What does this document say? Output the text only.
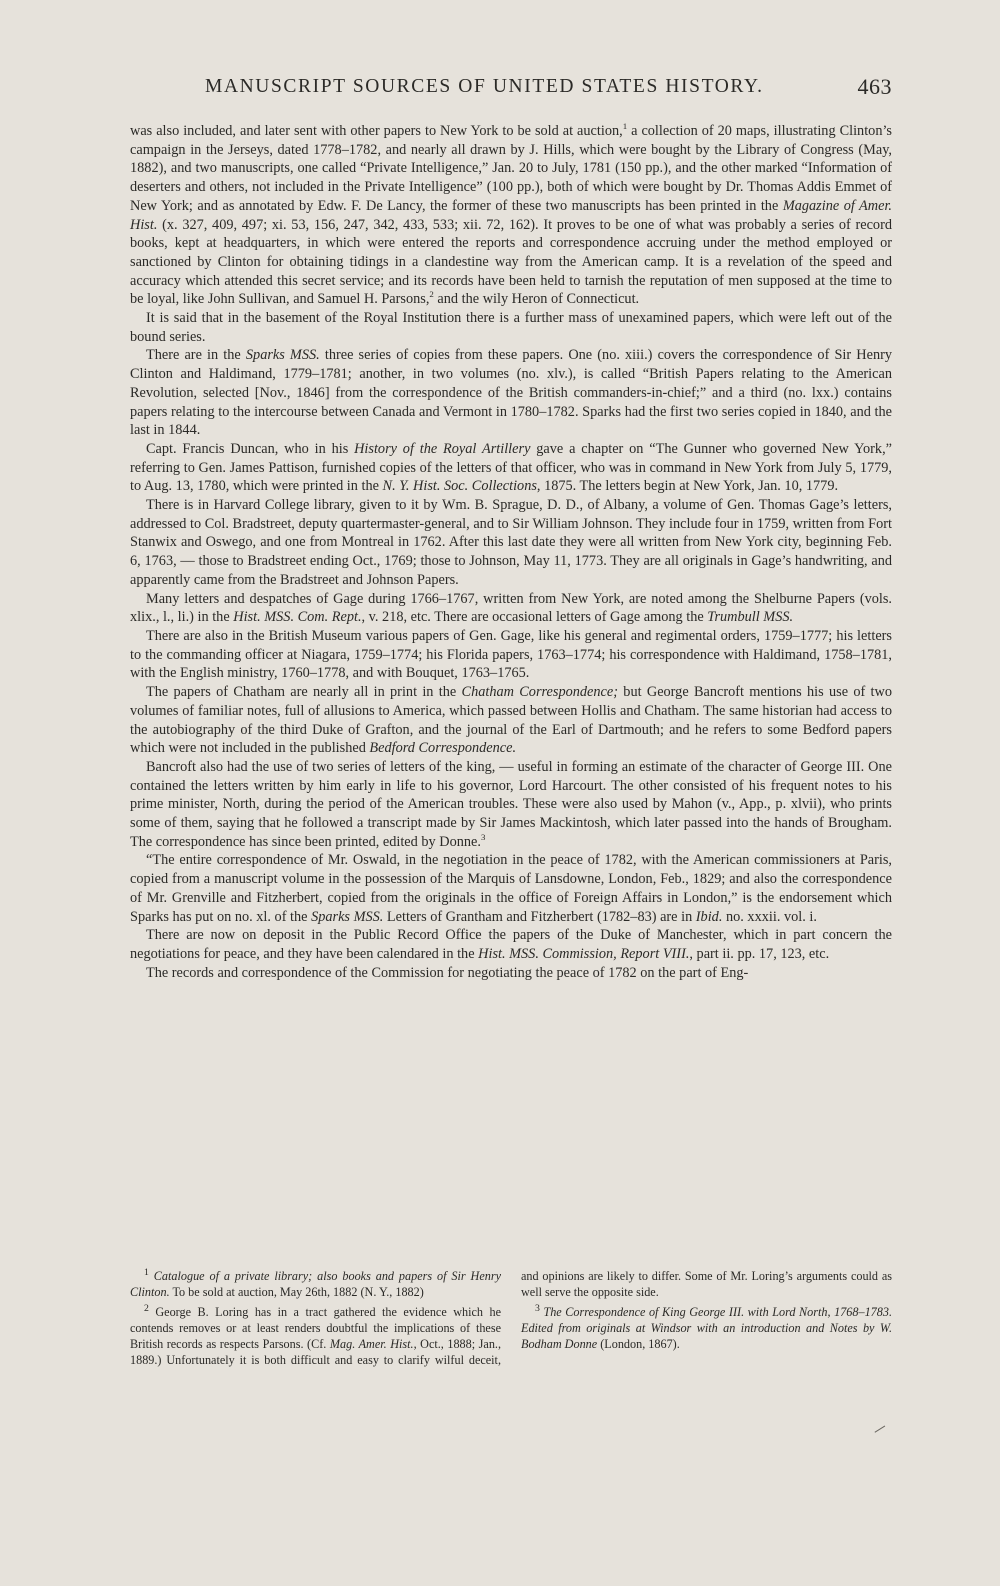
MANUSCRIPT SOURCES OF UNITED STATES HISTORY.	463

was also included, and later sent with other papers to New York to be sold at auction,$^1$ a collection of 20 maps, illustrating Clinton’s campaign in the Jerseys, dated 1778–1782, and nearly all drawn by J. Hills, which were bought by the Library of Congress (May, 1882), and two manuscripts, one called “Private Intelligence,” Jan. 20 to July, 1781 (150 pp.), and the other marked “Information of deserters and others, not included in the Private Intelligence” (100 pp.), both of which were bought by Dr. Thomas Addis Emmet of New York; and as annotated by Edw. F. De Lancy, the former of these two manuscripts has been printed in the Magazine of Amer. Hist. (x. 327, 409, 497; xi. 53, 156, 247, 342, 433, 533; xii. 72, 162). It proves to be one of what was probably a series of record books, kept at headquarters, in which were entered the reports and correspondence accruing under the method employed or sanctioned by Clinton for obtaining tidings in a clandestine way from the American camp. It is a revelation of the speed and accuracy which attended this secret service; and its records have been held to tarnish the reputation of men supposed at the time to be loyal, like John Sullivan, and Samuel H. Parsons,$^2$ and the wily Heron of Connecticut.

It is said that in the basement of the Royal Institution there is a further mass of unexamined papers, which were left out of the bound series.

There are in the Sparks MSS. three series of copies from these papers. One (no. xiii.) covers the correspondence of Sir Henry Clinton and Haldimand, 1779–1781; another, in two volumes (no. xlv.), is called “British Papers relating to the American Revolution, selected [Nov., 1846] from the correspondence of the British commanders-in-chief;” and a third (no. lxx.) contains papers relating to the intercourse between Canada and Vermont in 1780–1782. Sparks had the first two series copied in 1840, and the last in 1844.

Capt. Francis Duncan, who in his History of the Royal Artillery gave a chapter on “The Gunner who governed New York,” referring to Gen. James Pattison, furnished copies of the letters of that officer, who was in command in New York from July 5, 1779, to Aug. 13, 1780, which were printed in the N. Y. Hist. Soc. Collections, 1875. The letters begin at New York, Jan. 10, 1779.

There is in Harvard College library, given to it by Wm. B. Sprague, D. D., of Albany, a volume of Gen. Thomas Gage’s letters, addressed to Col. Bradstreet, deputy quartermaster-general, and to Sir William Johnson. They include four in 1759, written from Fort Stanwix and Oswego, and one from Montreal in 1762. After this last date they were all written from New York city, beginning Feb. 6, 1763, — those to Bradstreet ending Oct., 1769; those to Johnson, May 11, 1773. They are all originals in Gage’s handwriting, and apparently came from the Bradstreet and Johnson Papers.

Many letters and despatches of Gage during 1766–1767, written from New York, are noted among the Shelburne Papers (vols. xlix., l., li.) in the Hist. MSS. Com. Rept., v. 218, etc. There are occasional letters of Gage among the Trumbull MSS.

There are also in the British Museum various papers of Gen. Gage, like his general and regimental orders, 1759–1777; his letters to the commanding officer at Niagara, 1759–1774; his Florida papers, 1763–1774; his correspondence with Haldimand, 1758–1781, with the English ministry, 1760–1778, and with Bouquet, 1763–1765.

The papers of Chatham are nearly all in print in the Chatham Correspondence; but George Bancroft mentions his use of two volumes of familiar notes, full of allusions to America, which passed between Hollis and Chatham. The same historian had access to the autobiography of the third Duke of Grafton, and the journal of the Earl of Dartmouth; and he refers to some Bedford papers which were not included in the published Bedford Correspondence.

Bancroft also had the use of two series of letters of the king, — useful in forming an estimate of the character of George III. One contained the letters written by him early in life to his governor, Lord Harcourt. The other consisted of his frequent notes to his prime minister, North, during the period of the American troubles. These were also used by Mahon (v., App., p. xlvii), who prints some of them, saying that he followed a transcript made by Sir James Mackintosh, which later passed into the hands of Brougham. The correspondence has since been printed, edited by Donne.$^3$

“The entire correspondence of Mr. Oswald, in the negotiation in the peace of 1782, with the American commissioners at Paris, copied from a manuscript volume in the possession of the Marquis of Lansdowne, London, Feb., 1829; and also the correspondence of Mr. Grenville and Fitzherbert, copied from the originals in the office of Foreign Affairs in London,” is the endorsement which Sparks has put on no. xl. of the Sparks MSS. Letters of Grantham and Fitzherbert (1782–83) are in Ibid. no. xxxii. vol. i.

There are now on deposit in the Public Record Office the papers of the Duke of Manchester, which in part concern the negotiations for peace, and they have been calendared in the Hist. MSS. Commission, Report VIII., part ii. pp. 17, 123, etc.

The records and correspondence of the Commission for negotiating the peace of 1782 on the part of Eng-

$^1$ Catalogue of a private library; also books and papers of Sir Henry Clinton. To be sold at auction, May 26th, 1882 (N. Y., 1882)

$^2$ George B. Loring has in a tract gathered the evidence which he contends removes or at least renders doubtful the implications of these British records as respects Parsons. (Cf. Mag. Amer. Hist., Oct., 1888; Jan., 1889.) Unfortunately it is both difficult and easy to clarify wilful deceit, and opinions are likely to differ. Some of Mr. Loring’s arguments could as well serve the opposite side.

$^3$ The Correspondence of King George III. with Lord North, 1768–1783. Edited from originals at Windsor with an introduction and Notes by W. Bodham Donne (London, 1867).
